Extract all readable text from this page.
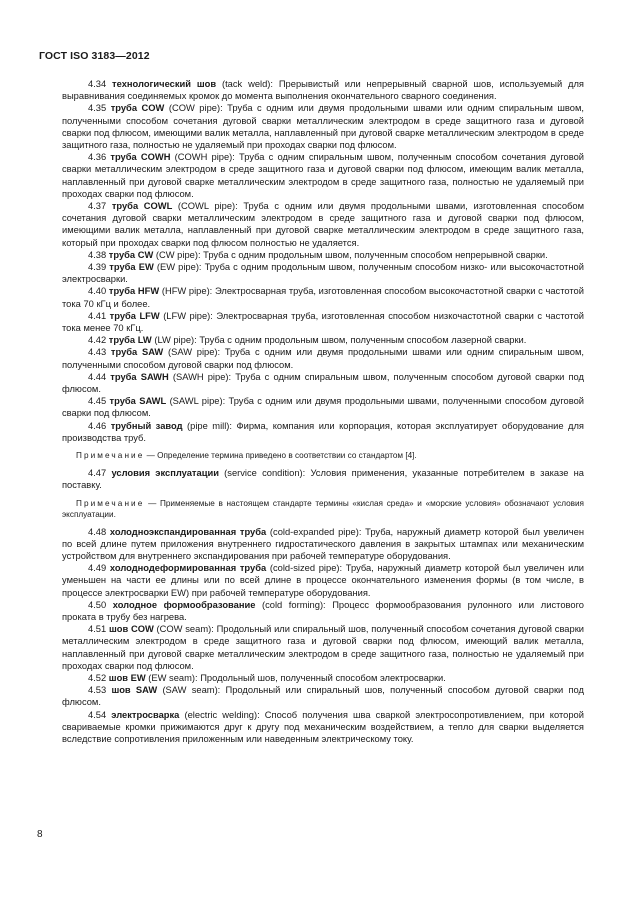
ГОСТ ISO 3183—2012

4.34 технологический шов (tack weld): Прерывистый или непрерывный сварной шов, используемый для выравнивания соединяемых кромок до момента выполнения окончательного сварного соединения.

4.35 труба COW (COW pipe): Труба с одним или двумя продольными швами или одним спиральным швом, полученными способом сочетания дуговой сварки металлическим электродом в среде защитного газа и дуговой сварки под флюсом, имеющими валик металла, наплавленный при дуговой сварке металлическим электродом в среде защитного газа, полностью не удаляемый при проходах сварки под флюсом.

4.36 труба COWH (COWH pipe): Труба с одним спиральным швом, полученным способом сочетания дуговой сварки металлическим электродом в среде защитного газа и дуговой сварки под флюсом, имеющим валик металла, наплавленный при дуговой сварке металлическим электродом в среде защитного газа, полностью не удаляемый при проходах сварки под флюсом.

4.37 труба COWL (COWL pipe): Труба с одним или двумя продольными швами, изготовленная способом сочетания дуговой сварки металлическим электродом в среде защитного газа и дуговой сварки под флюсом, имеющими валик металла, наплавленный при дуговой сварке металлическим электродом в среде защитного газа, который при проходах сварки под флюсом полностью не удаляется.

4.38 труба CW (CW pipe): Труба с одним продольным швом, полученным способом непрерывной сварки.

4.39 труба EW (EW pipe): Труба с одним продольным швом, полученным способом низко- или высокочастотной электросварки.

4.40 труба HFW (HFW pipe): Электросварная труба, изготовленная способом высокочастотной сварки с частотой тока 70 кГц и более.

4.41 труба LFW (LFW pipe): Электросварная труба, изготовленная способом низкочастотной сварки с частотой тока менее 70 кГц.

4.42 труба LW (LW pipe): Труба с одним продольным швом, полученным способом лазерной сварки.

4.43 труба SAW (SAW pipe): Труба с одним или двумя продольными швами или одним спиральным швом, полученными способом дуговой сварки под флюсом.

4.44 труба SAWH (SAWH pipe): Труба с одним спиральным швом, полученным способом дуговой сварки под флюсом.

4.45 труба SAWL (SAWL pipe): Труба с одним или двумя продольными швами, полученными способом дуговой сварки под флюсом.

4.46 трубный завод (pipe mill): Фирма, компания или корпорация, которая эксплуатирует оборудование для производства труб.

Примечание — Определение термина приведено в соответствии со стандартом [4].

4.47 условия эксплуатации (service condition): Условия применения, указанные потребителем в заказе на поставку.

Примечание — Применяемые в настоящем стандарте термины «кислая среда» и «морские условия» обозначают условия эксплуатации.

4.48 холодноэкспандированная труба (cold-expanded pipe): Труба, наружный диаметр которой был увеличен по всей длине путем приложения внутреннего гидростатического давления в закрытых штампах или механическим устройством для внутреннего экспандирования при рабочей температуре оборудования.

4.49 холоднодеформированная труба (cold-sized pipe): Труба, наружный диаметр которой был увеличен или уменьшен на части ее длины или по всей длине в процессе окончательного изменения формы (в том числе, в процессе электросварки EW) при рабочей температуре оборудования.

4.50 холодное формообразование (cold forming): Процесс формообразования рулонного или листового проката в трубу без нагрева.

4.51 шов COW (COW seam): Продольный или спиральный шов, полученный способом сочетания дуговой сварки металлическим электродом в среде защитного газа и дуговой сварки под флюсом, имеющий валик металла, наплавленный при дуговой сварке металлическим электродом в среде защитного газа, полностью не удаляемый при проходах сварки под флюсом.

4.52 шов EW (EW seam): Продольный шов, полученный способом электросварки.

4.53 шов SAW (SAW seam): Продольный или спиральный шов, полученный способом дуговой сварки под флюсом.

4.54 электросварка (electric welding): Способ получения шва сваркой электросопротивлением, при которой свариваемые кромки прижимаются друг к другу под механическим воздействием, а тепло для сварки выделяется вследствие сопротивления приложенным или наведенным электрическому току.

8
